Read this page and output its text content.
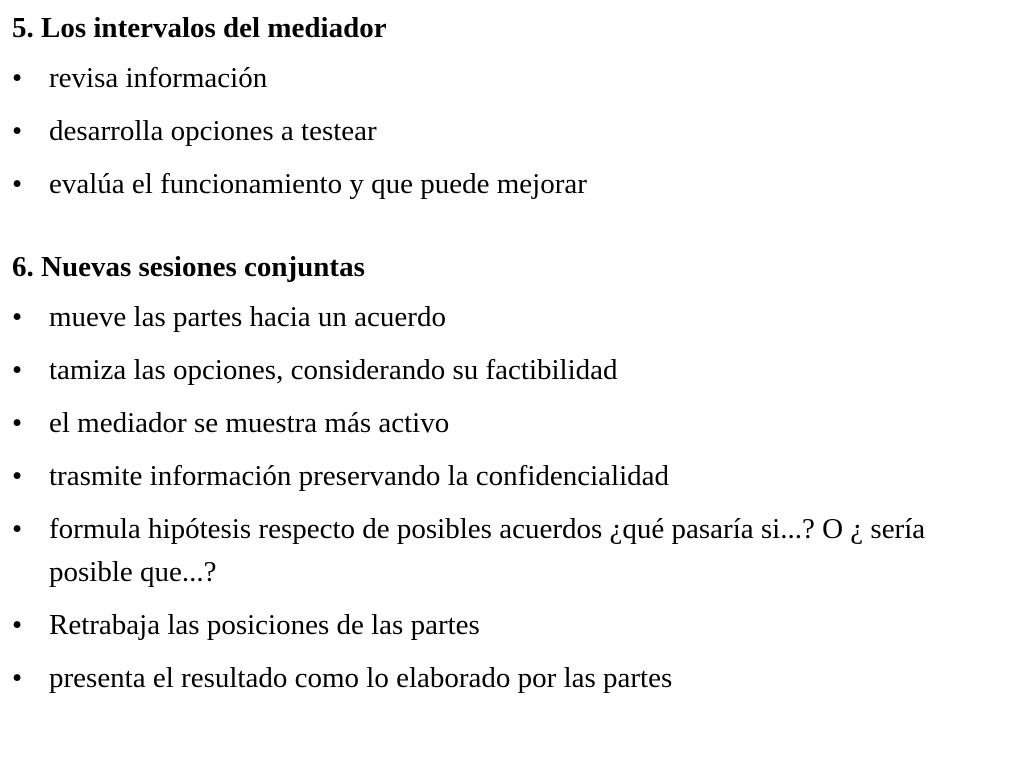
5. Los intervalos del mediador
• revisa información
• desarrolla opciones a testear
• evalúa el funcionamiento y que puede mejorar
6. Nuevas sesiones conjuntas
• mueve las partes hacia un acuerdo
• tamiza las opciones, considerando su factibilidad
• el mediador se muestra más activo
• trasmite información preservando la confidencialidad
• formula hipótesis respecto de posibles acuerdos ¿qué pasaría si...? O ¿ sería posible que...?
• Retrabaja las posiciones de las partes
• presenta el resultado como lo elaborado por las partes
